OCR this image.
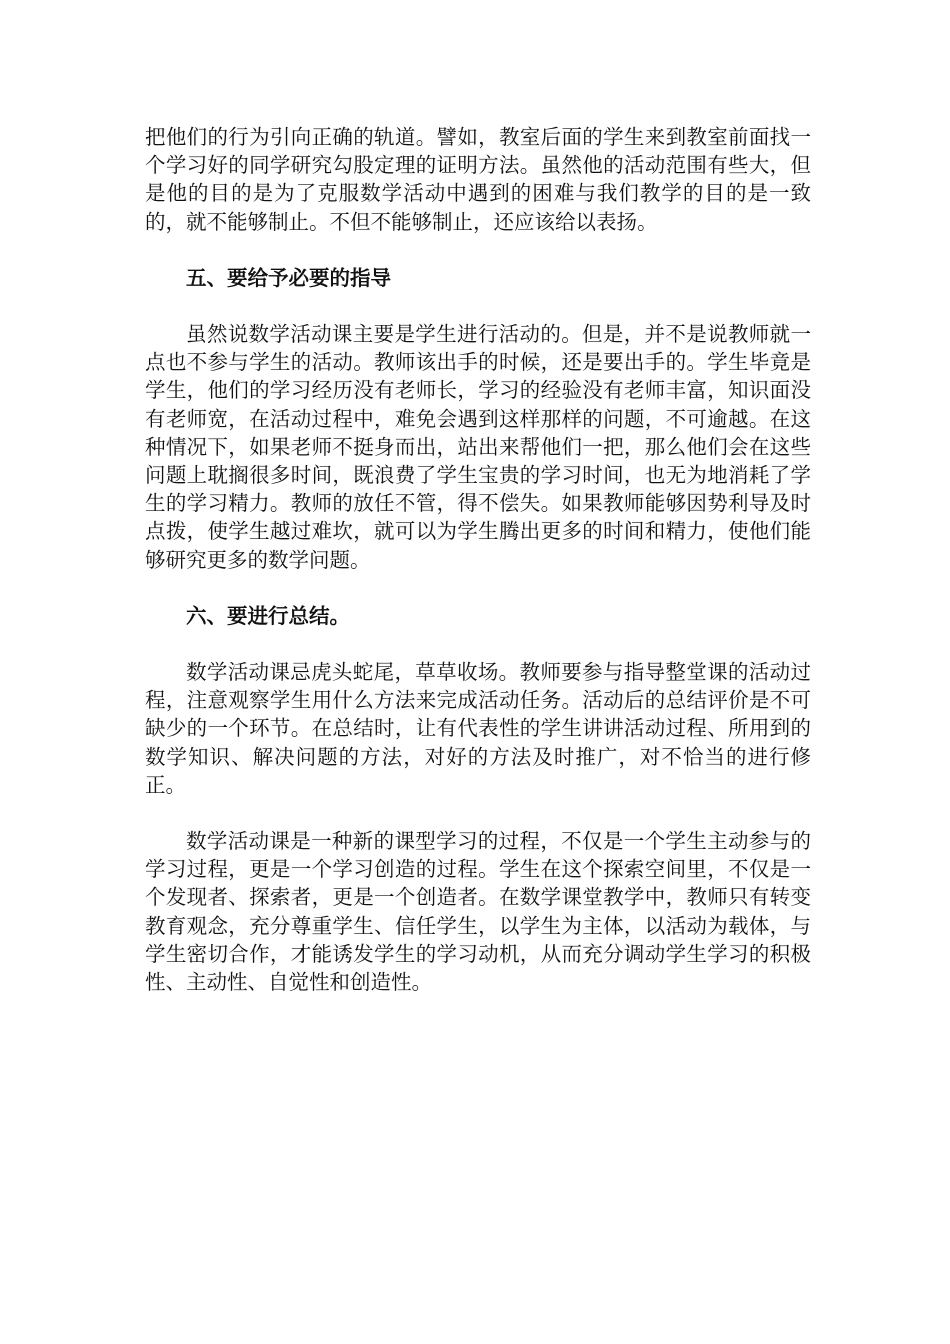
把他们的行为引向正确的轨道。譬如，教室后面的学生来到教室前面找一个学习好的同学研究勾股定理的证明方法。虽然他的活动范围有些大，但是他的目的是为了克服数学活动中遇到的困难与我们教学的目的是一致的，就不能够制止。不但不能够制止，还应该给以表扬。

五、要给予必要的指导

虽然说数学活动课主要是学生进行活动的。但是，并不是说教师就一点也不参与学生的活动。教师该出手的时候，还是要出手的。学生毕竟是学生，他们的学习经历没有老师长，学习的经验没有老师丰富，知识面没有老师宽，在活动过程中，难免会遇到这样那样的问题，不可逾越。在这种情况下，如果老师不挺身而出，站出来帮他们一把，那么他们会在这些问题上耽搁很多时间，既浪费了学生宝贵的学习时间，也无为地消耗了学生的学习精力。教师的放任不管，得不偿失。如果教师能够因势利导及时点拨，使学生越过难坎，就可以为学生腾出更多的时间和精力，使他们能够研究更多的数学问题。

六、要进行总结。

数学活动课忌虎头蛇尾，草草收场。教师要参与指导整堂课的活动过程，注意观察学生用什么方法来完成活动任务。活动后的总结评价是不可缺少的一个环节。在总结时，让有代表性的学生讲讲活动过程、所用到的数学知识、解决问题的方法，对好的方法及时推广，对不恰当的进行修正。

数学活动课是一种新的课型学习的过程，不仅是一个学生主动参与的学习过程，更是一个学习创造的过程。学生在这个探索空间里，不仅是一个发现者、探索者，更是一个创造者。在数学课堂教学中，教师只有转变教育观念，充分尊重学生、信任学生，以学生为主体，以活动为载体，与学生密切合作，才能诱发学生的学习动机，从而充分调动学生学习的积极性、主动性、自觉性和创造性。
